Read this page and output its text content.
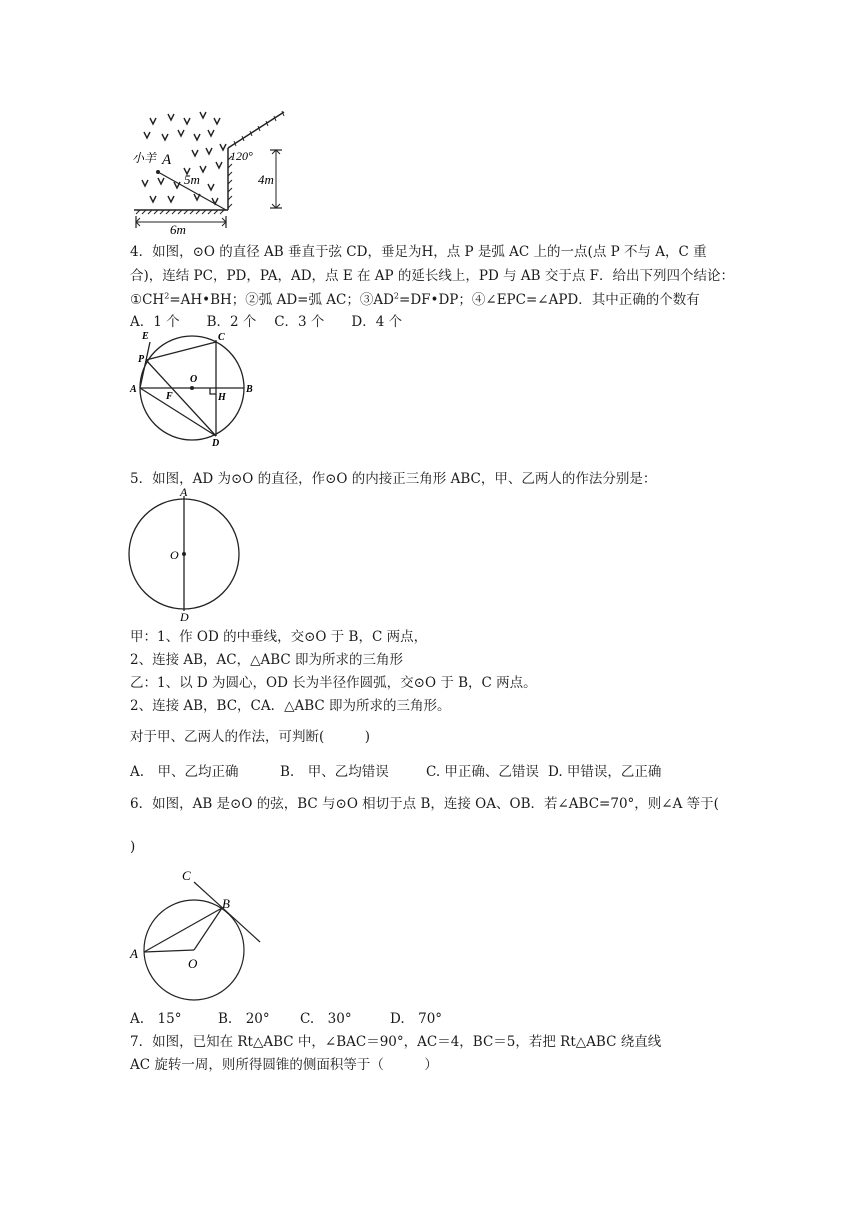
小羊 A
5m
120°
4m
6m
4．如图，⊙O 的直径 AB 垂直于弦 CD，垂足为H，点 P 是弧 AC 上的一点(点 P 不与 A，C 重
合)，连结 PC，PD，PA，AD，点 E 在 AP 的延长线上，PD 与 AB 交于点 F．给出下列四个结论：
$①CH^2=AH•BH$；②弧 AD=弧 AC；$③AD^2=DF•DP$；④∠EPC=∠APD．其中正确的个数有
A．1 个　　B．2 个　 C．3 个　　D．4 个
E
P
C
A
O
B
F	H
D
5．如图，AD 为⊙O 的直径，作⊙O 的内接正三角形 ABC，甲、乙两人的作法分别是：
A
O
D
甲：1、作 OD 的中垂线，交⊙O 于 B，C 两点，
2、连接 AB，AC，△ABC 即为所求的三角形
乙：1、以 D 为圆心，OD 长为半径作圆弧，交⊙O 于 B，C 两点。
2、连接 AB，BC，CA．△ABC 即为所求的三角形。
对于甲、乙两人的作法，可判断(　　　)
A.　甲、乙均正确	B.　甲、乙均错误	C. 甲正确、乙错误 D. 甲错误，乙正确
6．如图，AB 是⊙O 的弦，BC 与⊙O 相切于点 B，连接 OA、OB．若∠ABC=70°，则∠A 等于(
)
C
B
A
O
A.　15°	B.　20° C.　30°	D.　70°
7．如图，已知在 Rt△ABC 中，∠BAC＝90°，AC＝4，BC＝5，若把 Rt△ABC 绕直线
AC 旋转一周，则所得圆锥的侧面积等于（　　　）
